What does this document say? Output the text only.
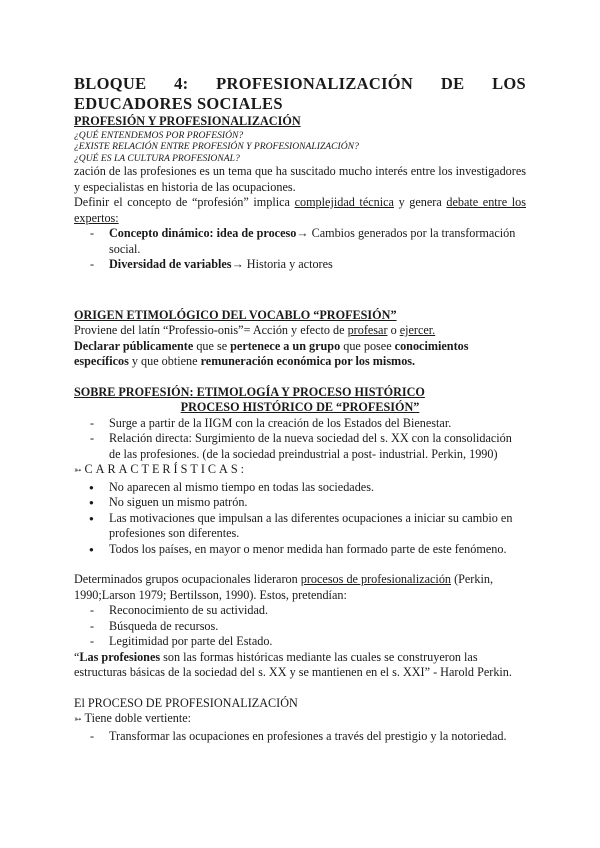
BLOQUE 4: PROFESIONALIZACIÓN DE LOS
EDUCADORES SOCIALES
PROFESIÓN Y PROFESIONALIZACIÓN
¿QUÉ ENTENDEMOS POR PROFESIÓN?
¿EXISTE RELACIÓN ENTRE PROFESIÓN Y PROFESIONALIZACIÓN?
¿QUÉ ES LA CULTURA PROFESIONAL?
zación de las profesiones es un tema que ha suscitado mucho interés entre los investigadores y especialistas en historia de las ocupaciones.
Definir el concepto de “profesión” implica complejidad técnica y genera debate entre los expertos:
- Concepto dinámico: idea de proceso→ Cambios generados por la transformación social.
- Diversidad de variables→ Historia y actores
ORIGEN ETIMOLÓGICO DEL VOCABLO “PROFESIÓN”
Proviene del latín “Professio-onis”= Acción y efecto de profesar o ejercer.
Declarar públicamente que se pertenece a un grupo que posee conocimientos específicos y que obtiene remuneración económica por los mismos.
SOBRE PROFESIÓN: ETIMOLOGÍA Y PROCESO HISTÓRICO
PROCESO HISTÓRICO DE “PROFESIÓN”
- Surge a partir de la IIGM con la creación de los Estados del Bienestar.
- Relación directa: Surgimiento de la nueva sociedad del s. XX con la consolidación de las profesiones. (de la sociedad preindustrial a post- industrial. Perkin, 1990)
➳ CARACTERÍSTICAS:
● No aparecen al mismo tiempo en todas las sociedades.
● No siguen un mismo patrón.
● Las motivaciones que impulsan a las diferentes ocupaciones a iniciar su cambio en profesiones son diferentes.
● Todos los países, en mayor o menor medida han formado parte de este fenómeno.
Determinados grupos ocupacionales lideraron procesos de profesionalización (Perkin, 1990;Larson 1979; Bertilsson, 1990). Estos, pretendían:
- Reconocimiento de su actividad.
- Búsqueda de recursos.
- Legitimidad por parte del Estado.
“Las profesiones son las formas históricas mediante las cuales se construyeron las estructuras básicas de la sociedad del s. XX y se mantienen en el s. XXI” - Harold Perkin.
El PROCESO DE PROFESIONALIZACIÓN
➳ Tiene doble vertiente:
- Transformar las ocupaciones en profesiones a través del prestigio y la notoriedad.
